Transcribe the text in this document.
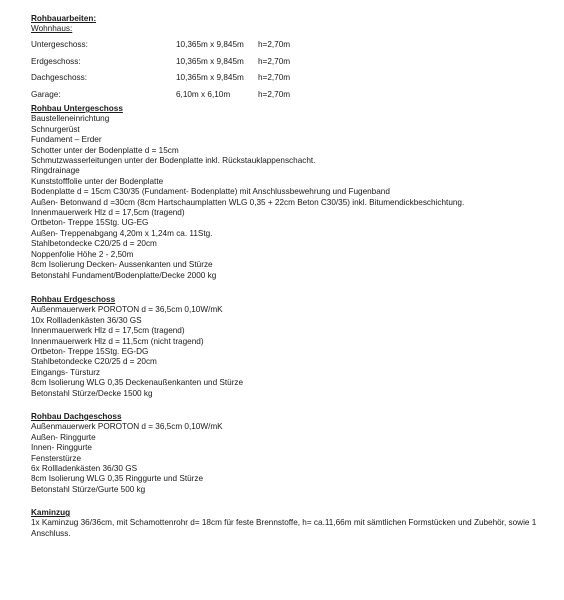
Rohbauarbeiten:
Wohnhaus:
Untergeschoss:	10,365m x 9,845m h=2,70m
Erdgeschoss:	10,365m x 9,845m h=2,70m
Dachgeschoss:	10,365m x 9,845m h=2,70m
Garage:	6,10m x 6,10m	h=2,70m
Rohbau Untergeschoss
Baustelleneinrichtung
Schnurgerüst
Fundament – Erder
Schotter unter der Bodenplatte d = 15cm
Schmutzwasserleitungen unter der Bodenplatte inkl. Rückstauklappenschacht.
Ringdrainage
Kunststofffolie unter der Bodenplatte
Bodenplatte d = 15cm C30/35 (Fundament- Bodenplatte) mit Anschlussbewehrung und Fugenband
Außen- Betonwand d =30cm (8cm Hartschaumplatten WLG 0,35 + 22cm Beton C30/35) inkl. Bitumendickbeschichtung.
Innenmauerwerk Hlz d = 17,5cm (tragend)
Ortbeton- Treppe 15Stg. UG-EG
Außen- Treppenabgang 4,20m x 1,24m ca. 11Stg.
Stahlbetondecke C20/25 d = 20cm
Noppenfolie Höhe 2 - 2,50m
8cm Isolierung Decken- Aussenkanten und Stürze
Betonstahl Fundament/Bodenplatte/Decke 2000 kg
Rohbau Erdgeschoss
Außenmauerwerk POROTON d = 36,5cm 0,10W/mK
10x Rollladenkästen 36/30 GS
Innenmauerwerk Hlz d = 17,5cm (tragend)
Innenmauerwerk Hlz d = 11,5cm (nicht tragend)
Ortbeton- Treppe 15Stg. EG-DG
Stahlbetondecke C20/25 d = 20cm
Eingangs- Türsturz
8cm Isolierung WLG 0,35 Deckenaußenkanten und Stürze
Betonstahl Stürze/Decke 1500 kg
Rohbau Dachgeschoss
Außenmauerwerk POROTON d = 36,5cm 0,10W/mK
Außen- Ringgurte
Innen- Ringgurte
Fensterstürze
6x Rollladenkästen 36/30 GS
8cm Isolierung WLG 0,35 Ringgurte und Stürze
Betonstahl Stürze/Gurte 500 kg
Kaminzug
1x Kaminzug 36/36cm, mit Schamottenrohr d= 18cm für feste Brennstoffe, h= ca.11,66m mit sämtlichen Formstücken und Zubehör, sowie 1 Anschluss.
